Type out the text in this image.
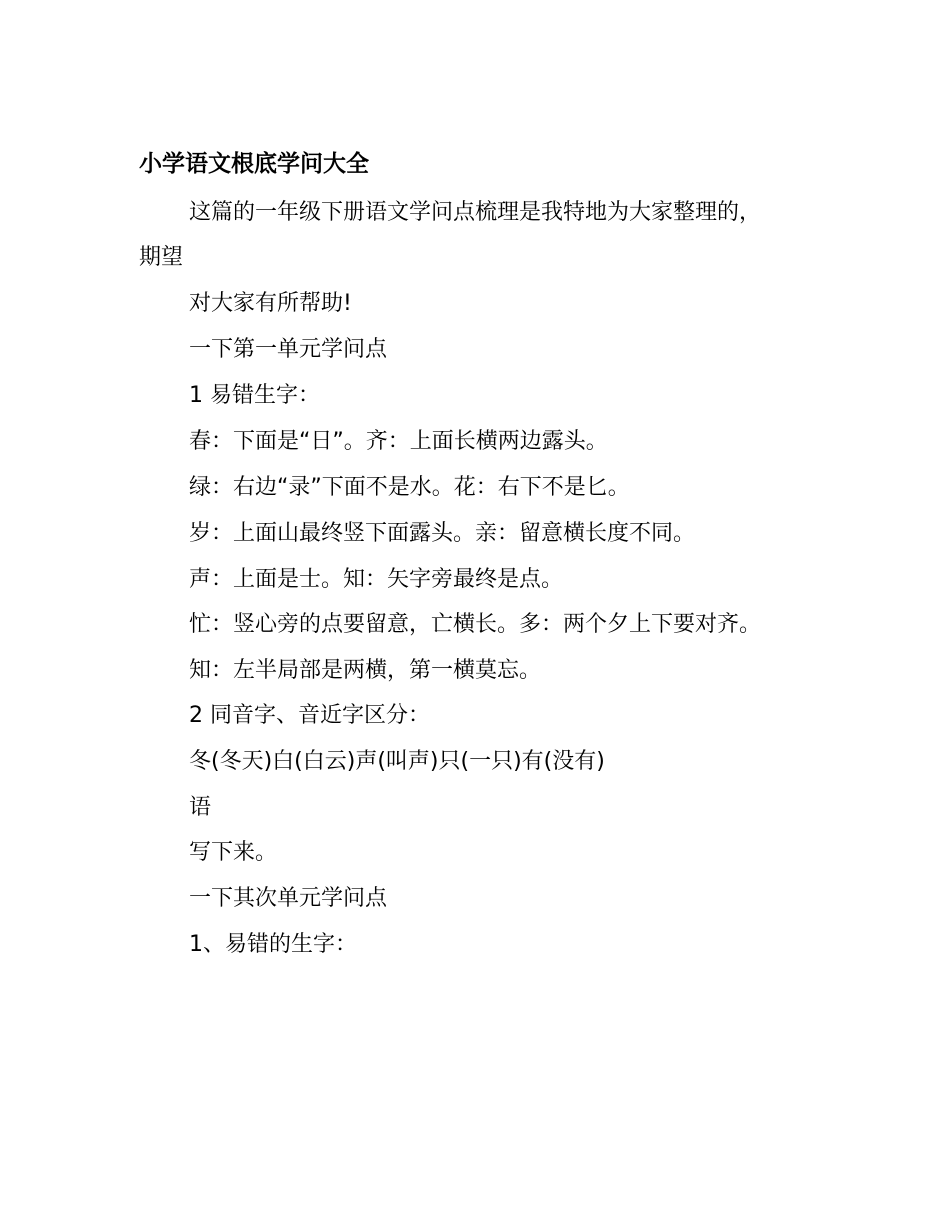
小学语文根底学问大全
这篇的一年级下册语文学问点梳理是我特地为大家整理的，
期望
对大家有所帮助!
一下第一单元学问点
1 易错生字：
春：下面是“日”。齐：上面长横两边露头。
绿：右边“录”下面不是水。花：右下不是匕。
岁：上面山最终竖下面露头。亲：留意横长度不同。
声：上面是士。知：矢字旁最终是点。
忙：竖心旁的点要留意，亡横长。多：两个夕上下要对齐。
知：左半局部是两横，第一横莫忘。
2 同音字、音近字区分：
冬(冬天)白(白云)声(叫声)只(一只)有(没有)
语
写下来。
一下其次单元学问点
1、易错的生字：
